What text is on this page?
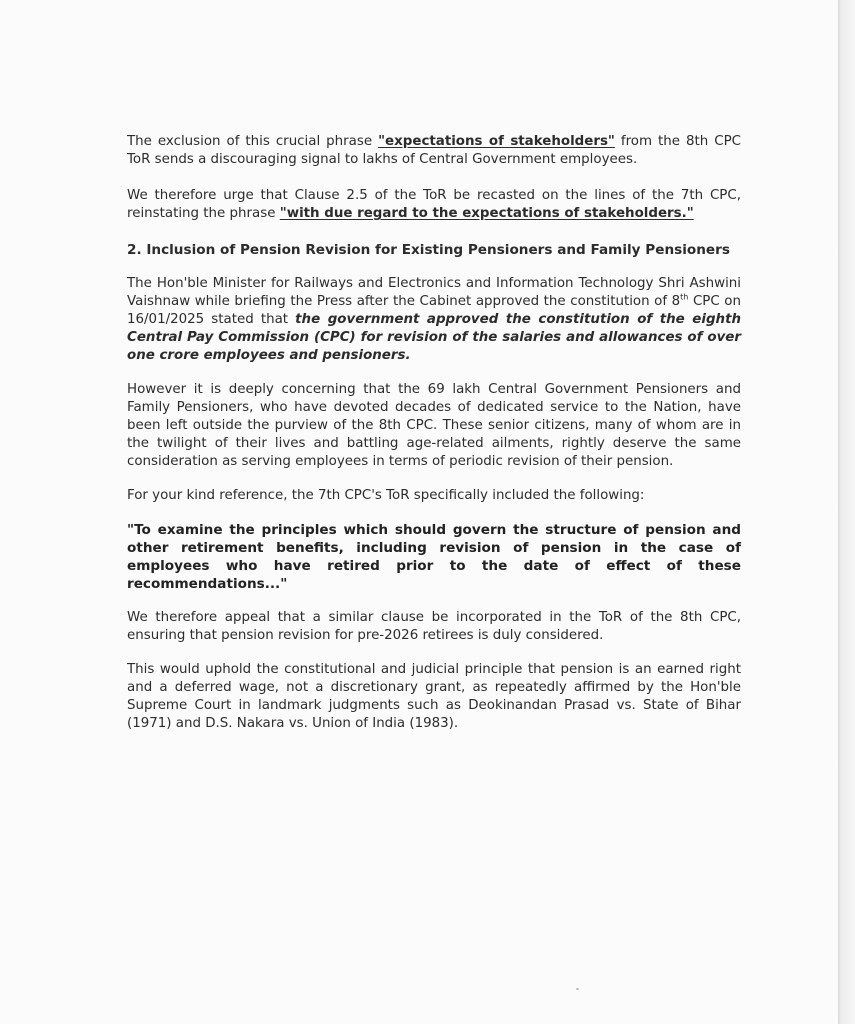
The exclusion of this crucial phrase "expectations of stakeholders" from the 8th CPC ToR sends a discouraging signal to lakhs of Central Government employees.

We therefore urge that Clause 2.5 of the ToR be recasted on the lines of the 7th CPC, reinstating the phrase "with due regard to the expectations of stakeholders."

2. Inclusion of Pension Revision for Existing Pensioners and Family Pensioners

The Hon'ble Minister for Railways and Electronics and Information Technology Shri Ashwini Vaishnaw while briefing the Press after the Cabinet approved the constitution of 8th CPC on 16/01/2025 stated that the government approved the constitution of the eighth Central Pay Commission (CPC) for revision of the salaries and allowances of over one crore employees and pensioners.

However it is deeply concerning that the 69 lakh Central Government Pensioners and Family Pensioners, who have devoted decades of dedicated service to the Nation, have been left outside the purview of the 8th CPC. These senior citizens, many of whom are in the twilight of their lives and battling age-related ailments, rightly deserve the same consideration as serving employees in terms of periodic revision of their pension.

For your kind reference, the 7th CPC's ToR specifically included the following:

"To examine the principles which should govern the structure of pension and other retirement benefits, including revision of pension in the case of employees who have retired prior to the date of effect of these recommendations..."

We therefore appeal that a similar clause be incorporated in the ToR of the 8th CPC, ensuring that pension revision for pre-2026 retirees is duly considered.

This would uphold the constitutional and judicial principle that pension is an earned right and a deferred wage, not a discretionary grant, as repeatedly affirmed by the Hon'ble Supreme Court in landmark judgments such as Deokinandan Prasad vs. State of Bihar (1971) and D.S. Nakara vs. Union of India (1983).
